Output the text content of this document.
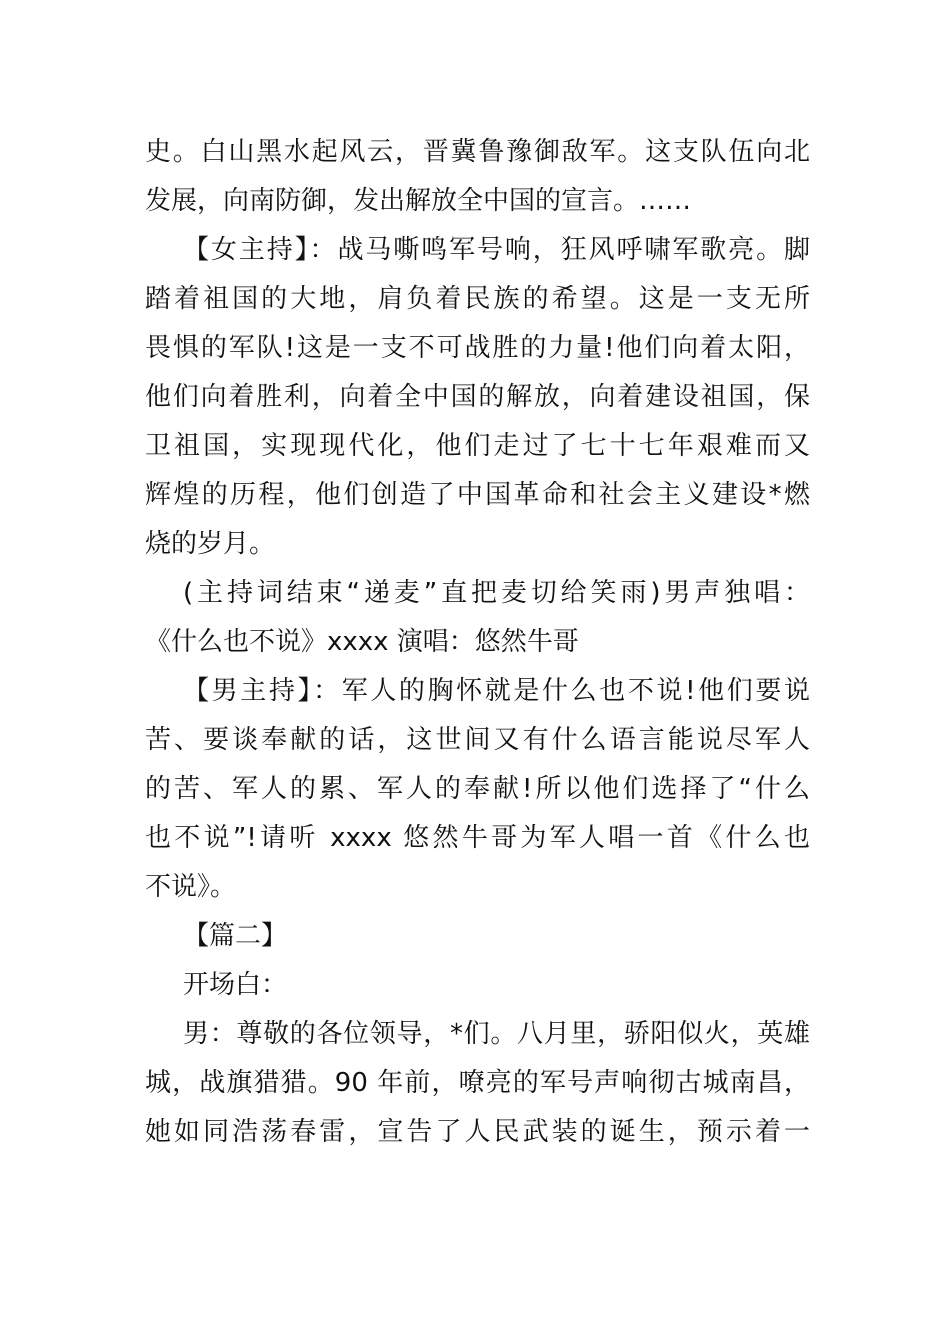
史。白山黑水起风云，晋冀鲁豫御敌军。这支队伍向北
发展，向南防御，发出解放全中国的宣言。……
【女主持】：战马嘶鸣军号响，狂风呼啸军歌亮。脚
踏着祖国的大地，肩负着民族的希望。这是一支无所
畏惧的军队!这是一支不可战胜的力量!他们向着太阳，
他们向着胜利，向着全中国的解放，向着建设祖国，保
卫祖国，实现现代化，他们走过了七十七年艰难而又
辉煌的历程，他们创造了中国革命和社会主义建设*燃
烧的岁月。
(主持词结束“递麦”直把麦切给笑雨)男声独唱：
《什么也不说》xxxx 演唱：悠然牛哥
【男主持】：军人的胸怀就是什么也不说!他们要说
苦、要谈奉献的话，这世间又有什么语言能说尽军人
的苦、军人的累、军人的奉献!所以他们选择了“什么
也不说”!请听 xxxx 悠然牛哥为军人唱一首《什么也
不说》。
【篇二】
开场白：
男：尊敬的各位领导，*们。八月里，骄阳似火，英雄
城，战旗猎猎。90 年前，嘹亮的军号声响彻古城南昌，
她如同浩荡春雷，宣告了人民武装的诞生，预示着一
